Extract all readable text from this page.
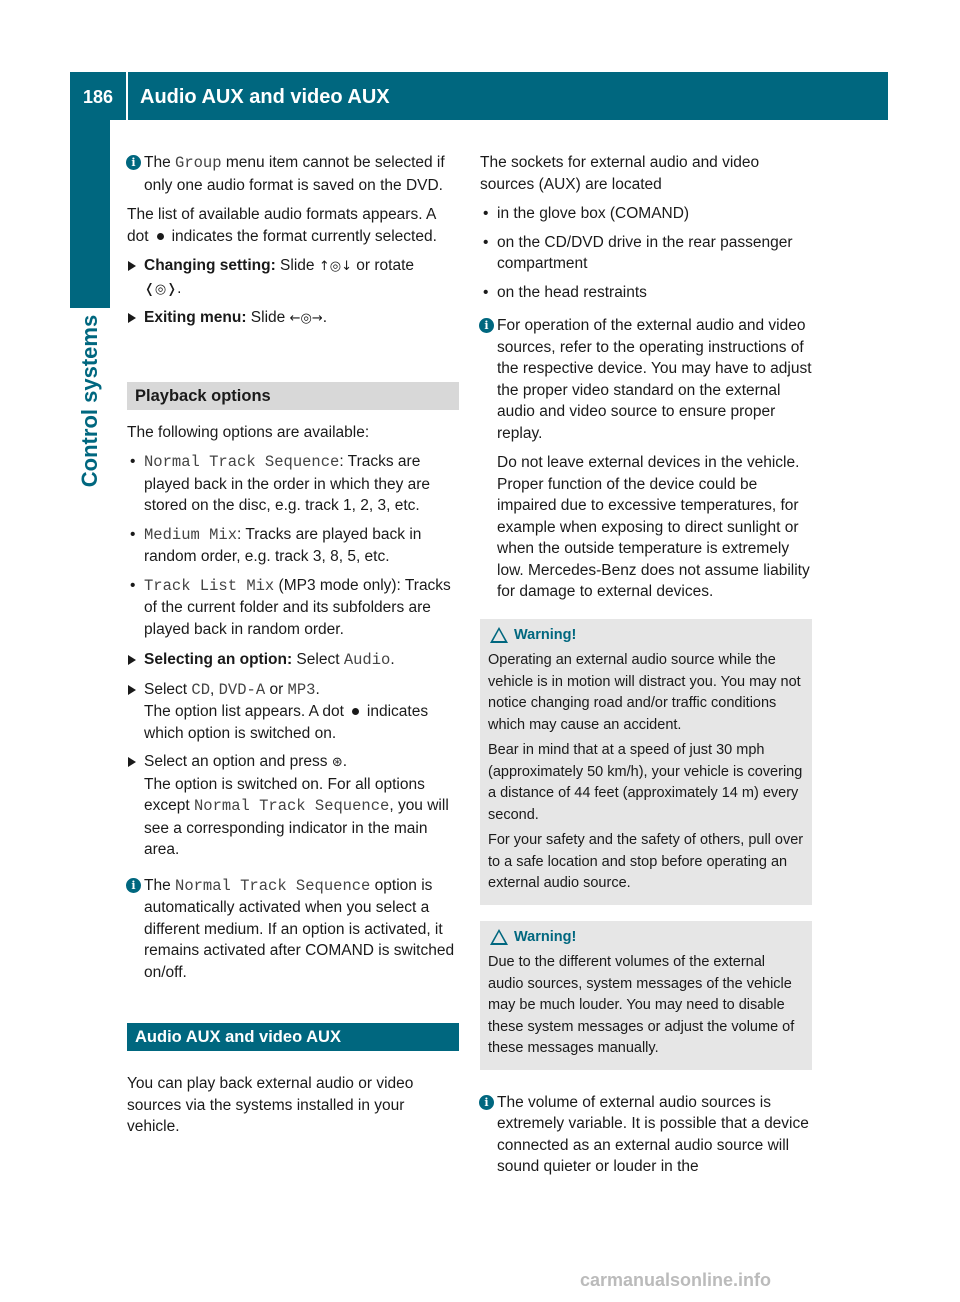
186	Audio AUX and video AUX
Control systems
i The Group menu item cannot be selected if only one audio format is saved on the DVD.

The list of available audio formats appears. A dot indicates the format currently selected.

Changing setting: Slide ↑◎↓ or rotate
❬◎❭.
Exiting menu: Slide ←◎→.
Playback options

The following options are available:

• Normal Track Sequence: Tracks are played back in the order in which they are stored on the disc, e.g. track 1, 2, 3, etc.
• Medium Mix: Tracks are played back in random order, e.g. track 3, 8, 5, etc.
• Track List Mix (MP3 mode only): Tracks of the current folder and its subfolders are played back in random order.
Selecting an option: Select Audio.
Select CD, DVD-A or MP3.
The option list appears. A dot indicates which option is switched on.
Select an option and press ⊛.
The option is switched on. For all options except Normal Track Sequence, you will see a corresponding indicator in the main area.
i The Normal Track Sequence option is automatically activated when you select a different medium. If an option is activated, it remains activated after COMAND is switched on/off.
Audio AUX and video AUX

You can play back external audio or video sources via the systems installed in your vehicle.

The sockets for external audio and video sources (AUX) are located

• in the glove box (COMAND)
• on the CD/DVD drive in the rear passenger compartment
• on the head restraints
i For operation of the external audio and video sources, refer to the operating instructions of the respective device. You may have to adjust the proper video standard on the external audio and video source to ensure proper replay.

Do not leave external devices in the vehicle. Proper function of the device could be impaired due to excessive temperatures, for example when exposing to direct sunlight or when the outside temperature is extremely low. Mercedes-Benz does not assume liability for damage to external devices.

Warning!

Operating an external audio source while the vehicle is in motion will distract you. You may not notice changing road and/or traffic conditions which may cause an accident.

Bear in mind that at a speed of just 30 mph (approximately 50 km/h), your vehicle is covering a distance of 44 feet (approximately 14 m) every second.

For your safety and the safety of others, pull over to a safe location and stop before operating an external audio source.

Warning!

Due to the different volumes of the external audio sources, system messages of the vehicle may be much louder. You may need to disable these system messages or adjust the volume of these messages manually.

i The volume of external audio sources is extremely variable. It is possible that a device connected as an external audio source will sound quieter or louder in the
carmanualsonline.info
